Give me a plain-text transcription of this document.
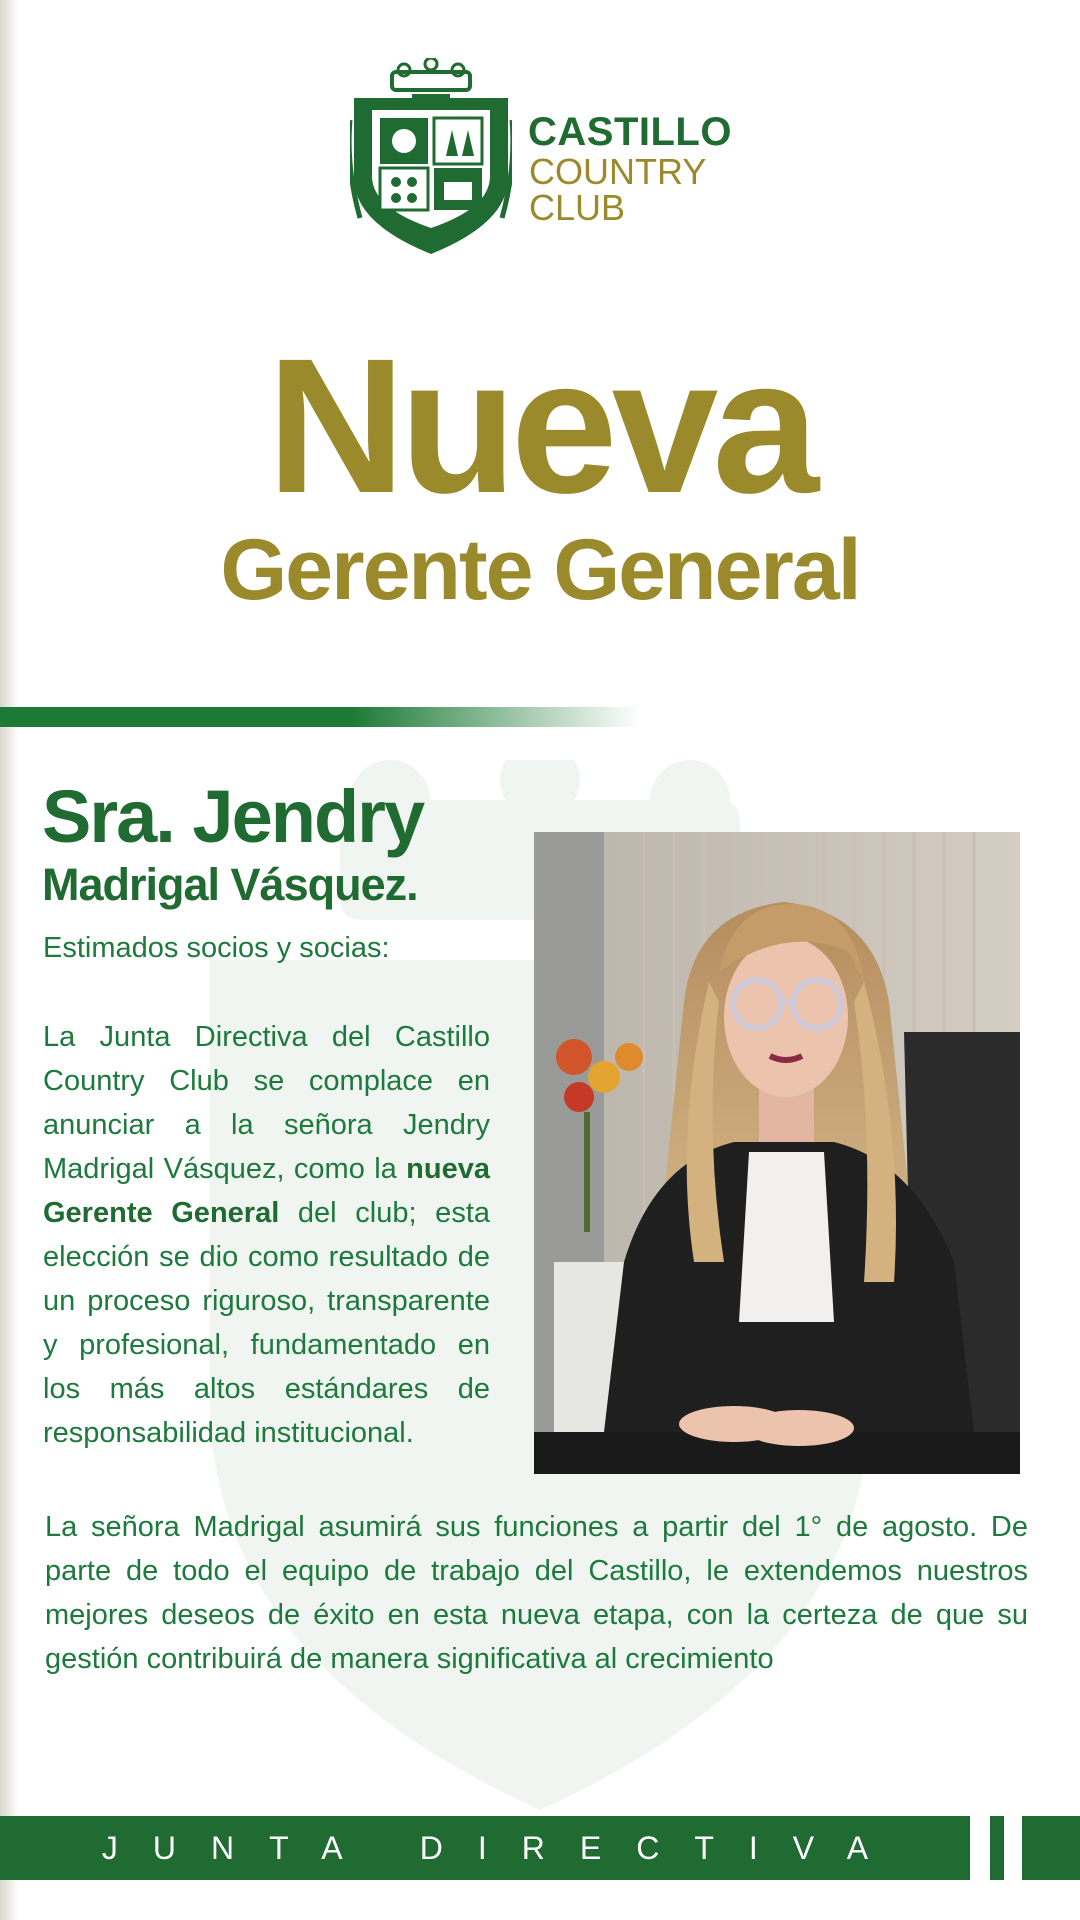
CASTILLO
COUNTRY
CLUB
Nueva
Gerente General
Sra. Jendry
Madrigal Vásquez.
Estimados socios y socias:
La Junta Directiva del Castillo Country Club se complace en anunciar a la señora Jendry Madrigal Vásquez, como la nueva Gerente General del club; esta elección se dio como resultado de un proceso riguroso, transparente y profesional, fundamentado en los más altos estándares de responsabilidad institucional.
La señora Madrigal asumirá sus funciones a partir del 1° de agosto. De parte de todo el equipo de trabajo del Castillo, le extendemos nuestros mejores deseos de éxito en esta nueva etapa, con la certeza de que su gestión contribuirá de manera significativa al crecimiento
JUNTA DIRECTIVA
